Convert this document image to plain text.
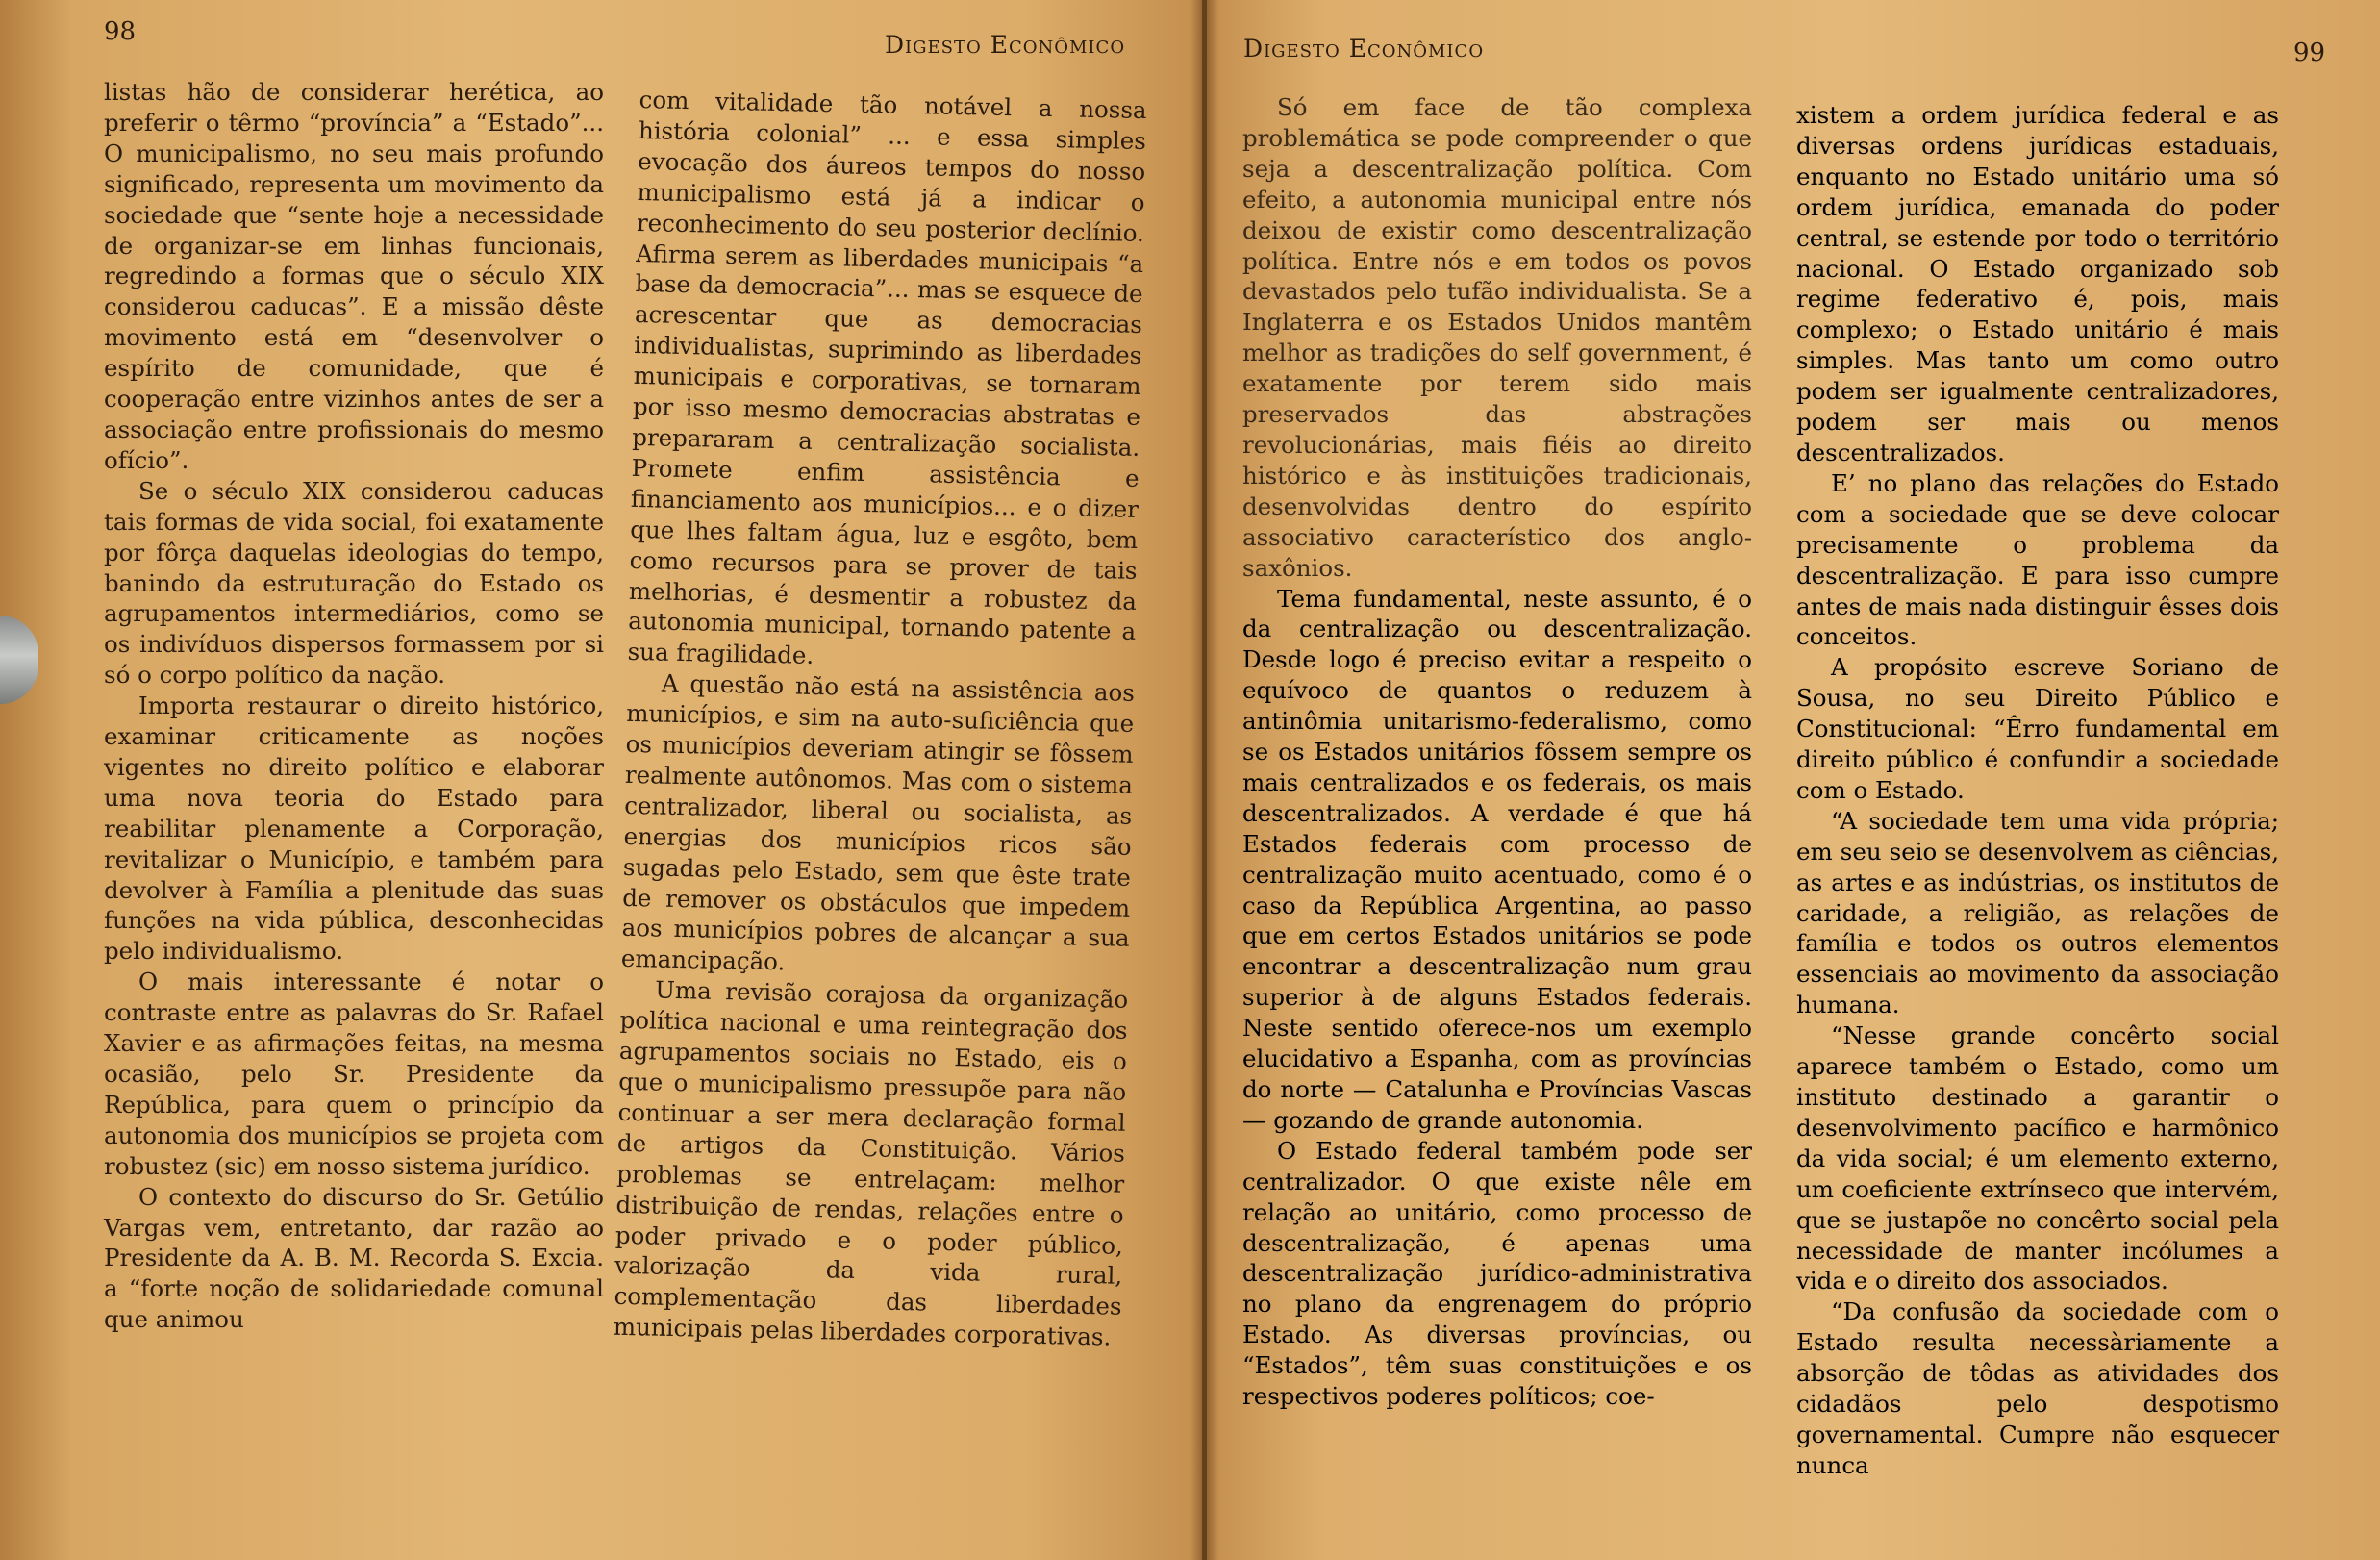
98	Digesto Econômico

listas hão de considerar herética, ao preferir o têrmo “província” a “Estado”... O municipalismo, no seu mais profundo significado, representa um movimento da sociedade que “sente hoje a necessidade de organizar-se em linhas funcionais, regredindo a formas que o século XIX considerou caducas”. E a missão dêste movimento está em “desenvolver o espírito de comunidade, que é cooperação entre vizinhos antes de ser a associação entre profissionais do mesmo ofício”.

Se o século XIX considerou caducas tais formas de vida social, foi exatamente por fôrça daquelas ideologias do tempo, banindo da estruturação do Estado os agrupamentos intermediários, como se os indivíduos dispersos formassem por si só o corpo político da nação.

Importa restaurar o direito histórico, examinar criticamente as noções vigentes no direito político e elaborar uma nova teoria do Estado para reabilitar plenamente a Corporação, revitalizar o Município, e também para devolver à Família a plenitude das suas funções na vida pública, desconhecidas pelo individualismo.

O mais interessante é notar o contraste entre as palavras do Sr. Rafael Xavier e as afirmações feitas, na mesma ocasião, pelo Sr. Presidente da República, para quem o princípio da autonomia dos municípios se projeta com robustez (sic) em nosso sistema jurídico.

O contexto do discurso do Sr. Getúlio Vargas vem, entretanto, dar razão ao Presidente da A. B. M. Recorda S. Excia. a “forte noção de solidariedade comunal que animou

com vitalidade tão notável a nossa história colonial” ... e essa simples evocação dos áureos tempos do nosso municipalismo está já a indicar o reconhecimento do seu posterior declínio. Afirma serem as liberdades municipais “a base da democracia”... mas se esquece de acrescentar que as democracias individualistas, suprimindo as liberdades municipais e corporativas, se tornaram por isso mesmo democracias abstratas e prepararam a centralização socialista. Promete enfim assistência e financiamento aos municípios... e o dizer que lhes faltam água, luz e esgôto, bem como recursos para se prover de tais melhorias, é desmentir a robustez da autonomia municipal, tornando patente a sua fragilidade.

A questão não está na assistência aos municípios, e sim na auto-suficiência que os municípios deveriam atingir se fôssem realmente autônomos. Mas com o sistema centralizador, liberal ou socialista, as energias dos municípios ricos são sugadas pelo Estado, sem que êste trate de remover os obstáculos que impedem aos municípios pobres de alcançar a sua emancipação.

Uma revisão corajosa da organização política nacional e uma reintegração dos agrupamentos sociais no Estado, eis o que o municipalismo pressupõe para não continuar a ser mera declaração formal de artigos da Constituição. Vários problemas se entrelaçam: melhor distribuição de rendas, relações entre o poder privado e o poder público, valorização da vida rural, complementação das liberdades municipais pelas liberdades corporativas.

Digesto Econômico	99

Só em face de tão complexa problemática se pode compreender o que seja a descentralização política. Com efeito, a autonomia municipal entre nós deixou de existir como descentralização política. Entre nós e em todos os povos devastados pelo tufão individualista. Se a Inglaterra e os Estados Unidos mantêm melhor as tradições do self government, é exatamente por terem sido mais preservados das abstrações revolucionárias, mais fiéis ao direito histórico e às instituições tradicionais, desenvolvidas dentro do espírito associativo característico dos anglo-saxônios.

Tema fundamental, neste assunto, é o da centralização ou descentralização. Desde logo é preciso evitar a respeito o equívoco de quantos o reduzem à antinômia unitarismo-federalismo, como se os Estados unitários fôssem sempre os mais centralizados e os federais, os mais descentralizados. A verdade é que há Estados federais com processo de centralização muito acentuado, como é o caso da República Argentina, ao passo que em certos Estados unitários se pode encontrar a descentralização num grau superior à de alguns Estados federais. Neste sentido oferece-nos um exemplo elucidativo a Espanha, com as províncias do norte — Catalunha e Províncias Vascas — gozando de grande autonomia.

O Estado federal também pode ser centralizador. O que existe nêle em relação ao unitário, como processo de descentralização, é apenas uma descentralização jurídico-administrativa no plano da engrenagem do próprio Estado. As diversas províncias, ou “Estados”, têm suas constituições e os respectivos poderes políticos; coe-

xistem a ordem jurídica federal e as diversas ordens jurídicas estaduais, enquanto no Estado unitário uma só ordem jurídica, emanada do poder central, se estende por todo o território nacional. O Estado organizado sob regime federativo é, pois, mais complexo; o Estado unitário é mais simples. Mas tanto um como outro podem ser igualmente centralizadores, podem ser mais ou menos descentralizados.

E’ no plano das relações do Estado com a sociedade que se deve colocar precisamente o problema da descentralização. E para isso cumpre antes de mais nada distinguir êsses dois conceitos.

A propósito escreve Soriano de Sousa, no seu Direito Público e Constitucional: “Êrro fundamental em direito público é confundir a sociedade com o Estado.

“A sociedade tem uma vida própria; em seu seio se desenvolvem as ciências, as artes e as indústrias, os institutos de caridade, a religião, as relações de família e todos os outros elementos essenciais ao movimento da associação humana.

“Nesse grande concêrto social aparece também o Estado, como um instituto destinado a garantir o desenvolvimento pacífico e harmônico da vida social; é um elemento externo, um coeficiente extrínseco que intervém, que se justapõe no concêrto social pela necessidade de manter incólumes a vida e o direito dos associados.

“Da confusão da sociedade com o Estado resulta necessàriamente a absorção de tôdas as atividades dos cidadãos pelo despotismo governamental. Cumpre não esquecer nunca
